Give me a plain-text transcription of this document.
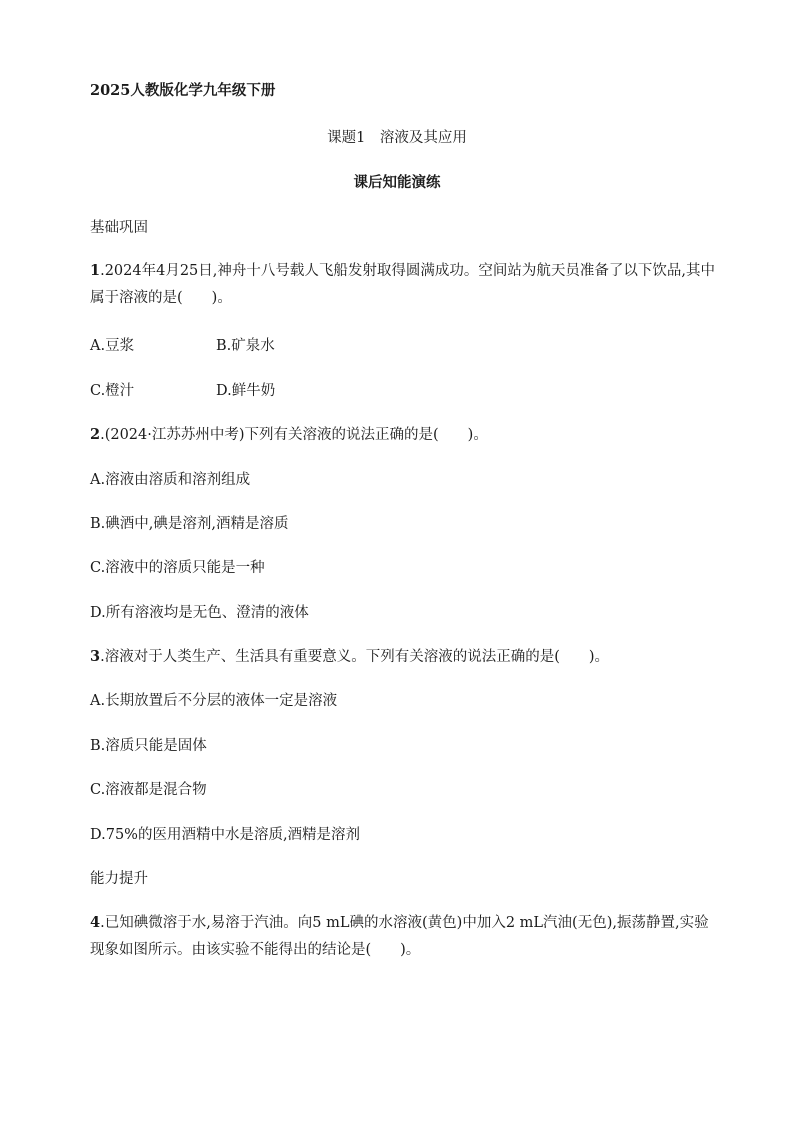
2025人教版化学九年级下册
课题1　溶液及其应用
课后知能演练
基础巩固
1.2024年4月25日,神舟十八号载人飞船发射取得圆满成功。空间站为航天员准备了以下饮品,其中属于溶液的是(　　)。
A.豆浆	B.矿泉水
C.橙汁	D.鲜牛奶
2.(2024·江苏苏州中考)下列有关溶液的说法正确的是(　　)。
A.溶液由溶质和溶剂组成
B.碘酒中,碘是溶剂,酒精是溶质
C.溶液中的溶质只能是一种
D.所有溶液均是无色、澄清的液体
3.溶液对于人类生产、生活具有重要意义。下列有关溶液的说法正确的是(　　)。
A.长期放置后不分层的液体一定是溶液
B.溶质只能是固体
C.溶液都是混合物
D.75%的医用酒精中水是溶质,酒精是溶剂
能力提升
4.已知碘微溶于水,易溶于汽油。向5 mL碘的水溶液(黄色)中加入2 mL汽油(无色),振荡静置,实验现象如图所示。由该实验不能得出的结论是(　　)。
